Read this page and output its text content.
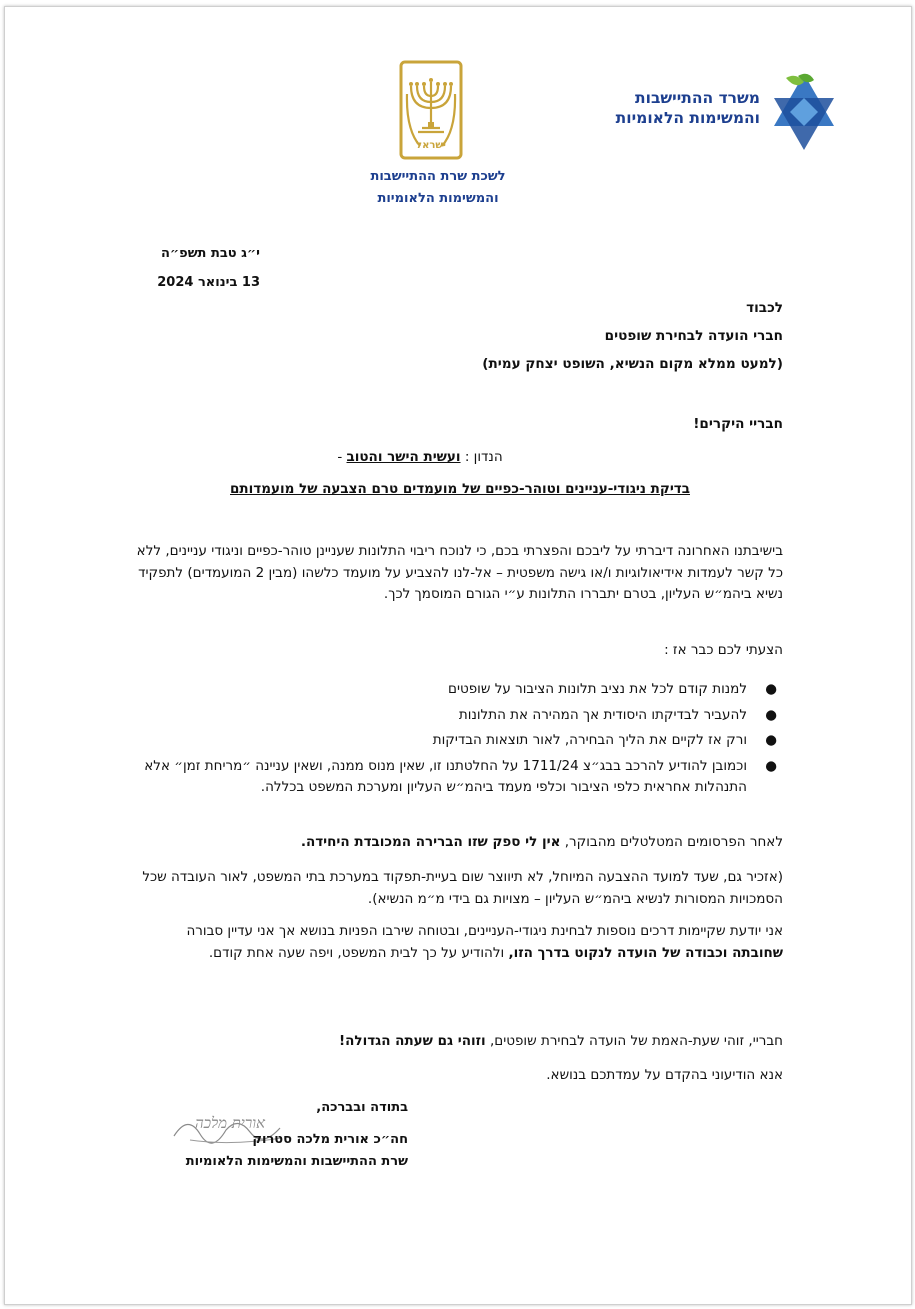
ישראל
לשכת שרת ההתיישבות
והמשימות הלאומיות
משרד ההתיישבות
והמשימות הלאומיות
י״ג טבת תשפ״ה
13 בינואר 2024
לכבוד
חברי הועדה לבחירת שופטים
(למעט ממלא מקום הנשיא, השופט יצחק עמית)
חבריי היקרים!
הנדון : ועשית הישר והטוב -
בדיקת ניגודי-עניינים וטוהר-כפיים של מועמדים טרם הצבעה של מועמדותם
בישיבתנו האחרונה דיברתי על ליבכם והפצרתי בכם, כי לנוכח ריבוי התלונות שעניינן טוהר-כפיים וניגודי עניינים, ללא כל קשר לעמדות אידיאולוגיות ו/או גישה משפטית – אל-לנו להצביע על מועמד כלשהו (מבין 2 המועמדים) לתפקיד נשיא ביהמ״ש העליון, בטרם יתבררו התלונות ע״י הגורם המוסמך לכך.
הצעתי לכם כבר אז :
●
למנות קודם לכל את נציב תלונות הציבור על שופטים
●
להעביר לבדיקתו היסודית אך המהירה את התלונות
●
ורק אז לקיים את הליך הבחירה, לאור תוצאות הבדיקות
●
וכמובן להודיע להרכב בבג״צ 1711/24 על החלטתנו זו, שאין מנוס ממנה, ושאין עניינה ״מריחת זמן״ אלא התנהלות אחראית כלפי הציבור וכלפי מעמד ביהמ״ש העליון ומערכת המשפט בכללה.
לאחר הפרסומים המטלטלים מהבוקר, אין לי ספק שזו הברירה המכובדת היחידה.
(אזכיר גם, שעד למועד ההצבעה המיוחל, לא תיווצר שום בעיית-תפקוד במערכת בתי המשפט, לאור העובדה שכל הסמכויות המסורות לנשיא ביהמ״ש העליון – מצויות גם בידי מ״מ הנשיא).
אני יודעת שקיימות דרכים נוספות לבחינת ניגודי-העניינים, ובטוחה שירבו הפניות בנושא אך אני עדיין סבורה שחובתה וכבודה של הועדה לנקוט בדרך הזו, ולהודיע על כך לבית המשפט, ויפה שעה אחת קודם.
חבריי, זוהי שעת-האמת של הועדה לבחירת שופטים, וזוהי גם שעתה הגדולה!
אנא הודיעוני בהקדם על עמדתכם בנושא.
בתודה ובברכה,
אורית מלכה
חה״כ אורית מלכה סטרוק
שרת ההתיישבות והמשימות הלאומיות
